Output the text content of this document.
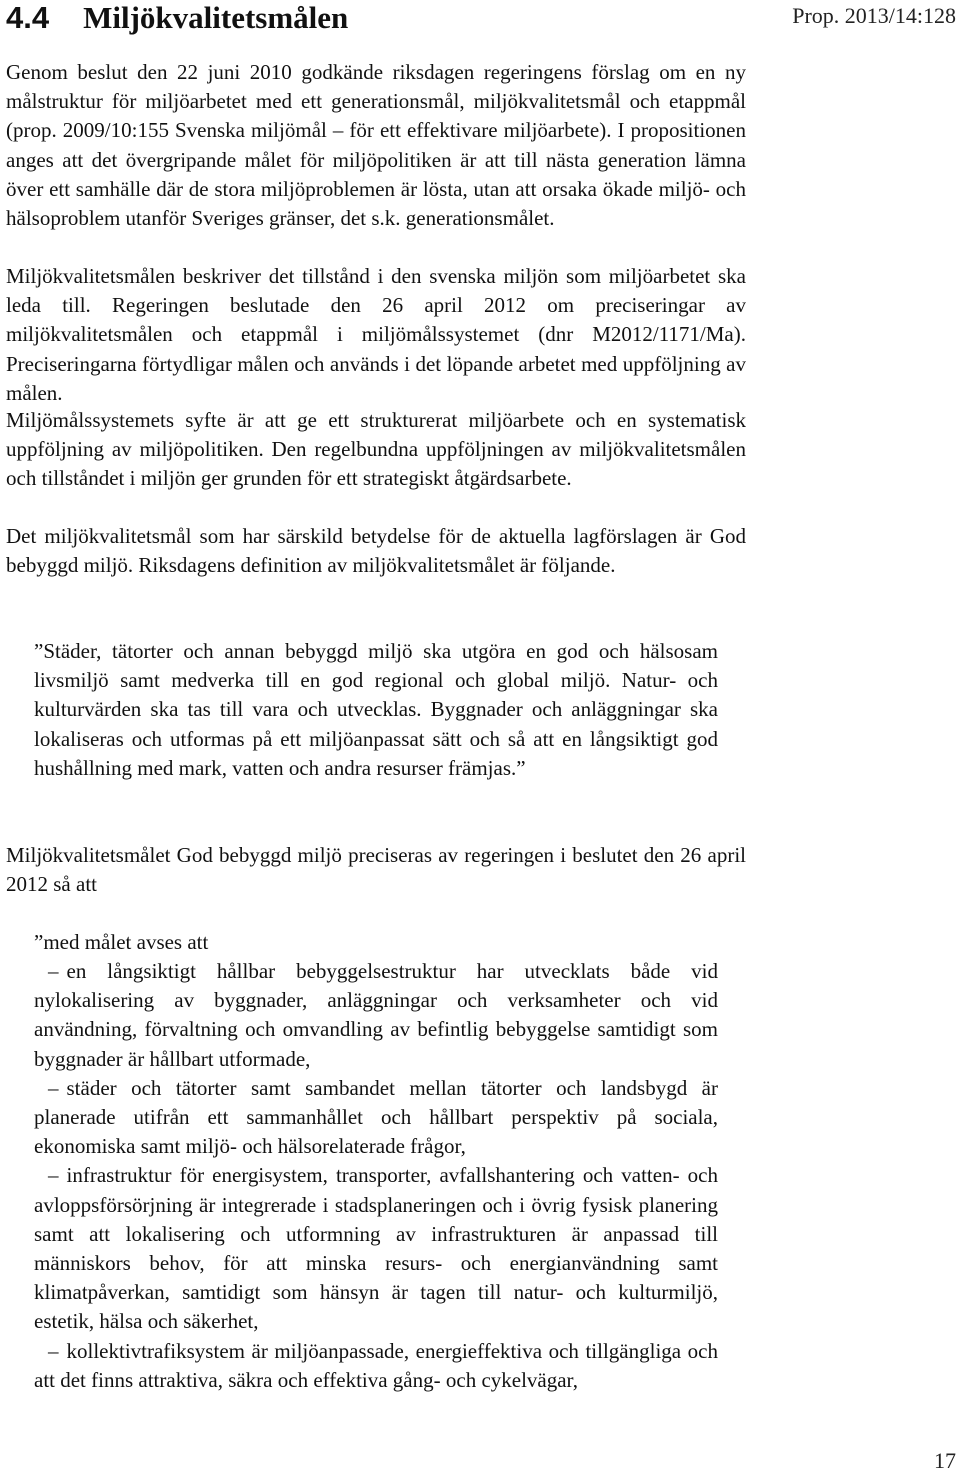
4.4 Miljökvalitetsmålen	Prop. 2013/14:128

Genom beslut den 22 juni 2010 godkände riksdagen regeringens förslag om en ny målstruktur för miljöarbetet med ett generationsmål, miljökvalitetsmål och etappmål (prop. 2009/10:155 Svenska miljömål – för ett effektivare miljöarbete). I propositionen anges att det övergripande målet för miljöpolitiken är att till nästa generation lämna över ett samhälle där de stora miljöproblemen är lösta, utan att orsaka ökade miljö- och hälsoproblem utanför Sveriges gränser, det s.k. generationsmålet.

Miljökvalitetsmålen beskriver det tillstånd i den svenska miljön som miljöarbetet ska leda till. Regeringen beslutade den 26 april 2012 om preciseringar av miljökvalitetsmålen och etappmål i miljömålssystemet (dnr M2012/1171/Ma). Preciseringarna förtydligar målen och används i det löpande arbetet med uppföljning av målen.

Miljömålssystemets syfte är att ge ett strukturerat miljöarbete och en systematisk uppföljning av miljöpolitiken. Den regelbundna uppföljningen av miljökvalitetsmålen och tillståndet i miljön ger grunden för ett strategiskt åtgärdsarbete.

Det miljökvalitetsmål som har särskild betydelse för de aktuella lagförslagen är God bebyggd miljö. Riksdagens definition av miljökvalitetsmålet är följande.

”Städer, tätorter och annan bebyggd miljö ska utgöra en god och hälsosam livsmiljö samt medverka till en god regional och global miljö. Natur- och kulturvärden ska tas till vara och utvecklas. Byggnader och anläggningar ska lokaliseras och utformas på ett miljöanpassat sätt och så att en långsiktigt god hushållning med mark, vatten och andra resurser främjas.”

Miljökvalitetsmålet God bebyggd miljö preciseras av regeringen i beslutet den 26 april 2012 så att

”med målet avses att

– en långsiktigt hållbar bebyggelsestruktur har utvecklats både vid nylokalisering av byggnader, anläggningar och verksamheter och vid användning, förvaltning och omvandling av befintlig bebyggelse samtidigt som byggnader är hållbart utformade,
– städer och tätorter samt sambandet mellan tätorter och landsbygd är planerade utifrån ett sammanhållet och hållbart perspektiv på sociala, ekonomiska samt miljö- och hälsorelaterade frågor,
– infrastruktur för energisystem, transporter, avfallshantering och vatten- och avloppsförsörjning är integrerade i stadsplaneringen och i övrig fysisk planering samt att lokalisering och utformning av infrastrukturen är anpassad till människors behov, för att minska resurs- och energianvändning samt klimatpåverkan, samtidigt som hänsyn är tagen till natur- och kulturmiljö, estetik, hälsa och säkerhet,
– kollektivtrafiksystem är miljöanpassade, energieffektiva och tillgängliga och att det finns attraktiva, säkra och effektiva gång- och cykelvägar,
17
